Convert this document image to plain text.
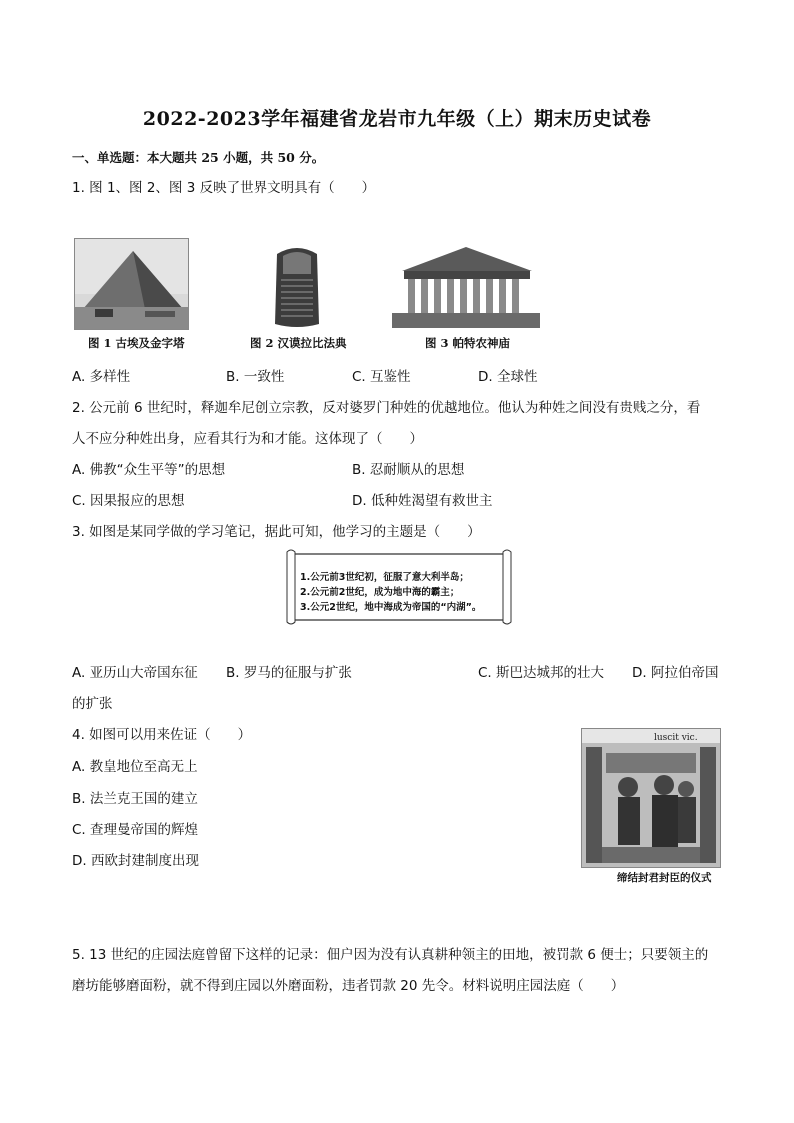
2022-2023学年福建省龙岩市九年级（上）期末历史试卷
一、单选题：本大题共 25 小题，共 50 分。
1. 图 1、图 2、图 3 反映了世界文明具有（　　）
图 1 古埃及金字塔	图 2 汉谟拉比法典	图 3 帕特农神庙
A. 多样性	B. 一致性	C. 互鉴性	D. 全球性
2. 公元前 6 世纪时，释迦牟尼创立宗教，反对婆罗门种姓的优越地位。他认为种姓之间没有贵贱之分，看
人不应分种姓出身，应看其行为和才能。这体现了（　　）
A. 佛教“众生平等”的思想	B. 忍耐顺从的思想
C. 因果报应的思想	D. 低种姓渴望有救世主
3. 如图是某同学做的学习笔记，据此可知，他学习的主题是（　　）
1.公元前3世纪初，征服了意大利半岛；
2.公元前2世纪，成为地中海的霸主；
3.公元2世纪，地中海成为帝国的“内湖”。
A. 亚历山大帝国东征 B. 罗马的征服与扩张	C. 斯巴达城邦的壮大 D. 阿拉伯帝国
的扩张
4. 如图可以用来佐证（　　）
A. 教皇地位至高无上
B. 法兰克王国的建立
C. 查理曼帝国的辉煌
D. 西欧封建制度出现
luscit vic.
缔结封君封臣的仪式
5. 13 世纪的庄园法庭曾留下这样的记录：佃户因为没有认真耕种领主的田地，被罚款 6 便士；只要领主的
磨坊能够磨面粉，就不得到庄园以外磨面粉，违者罚款 20 先令。材料说明庄园法庭（　　）
